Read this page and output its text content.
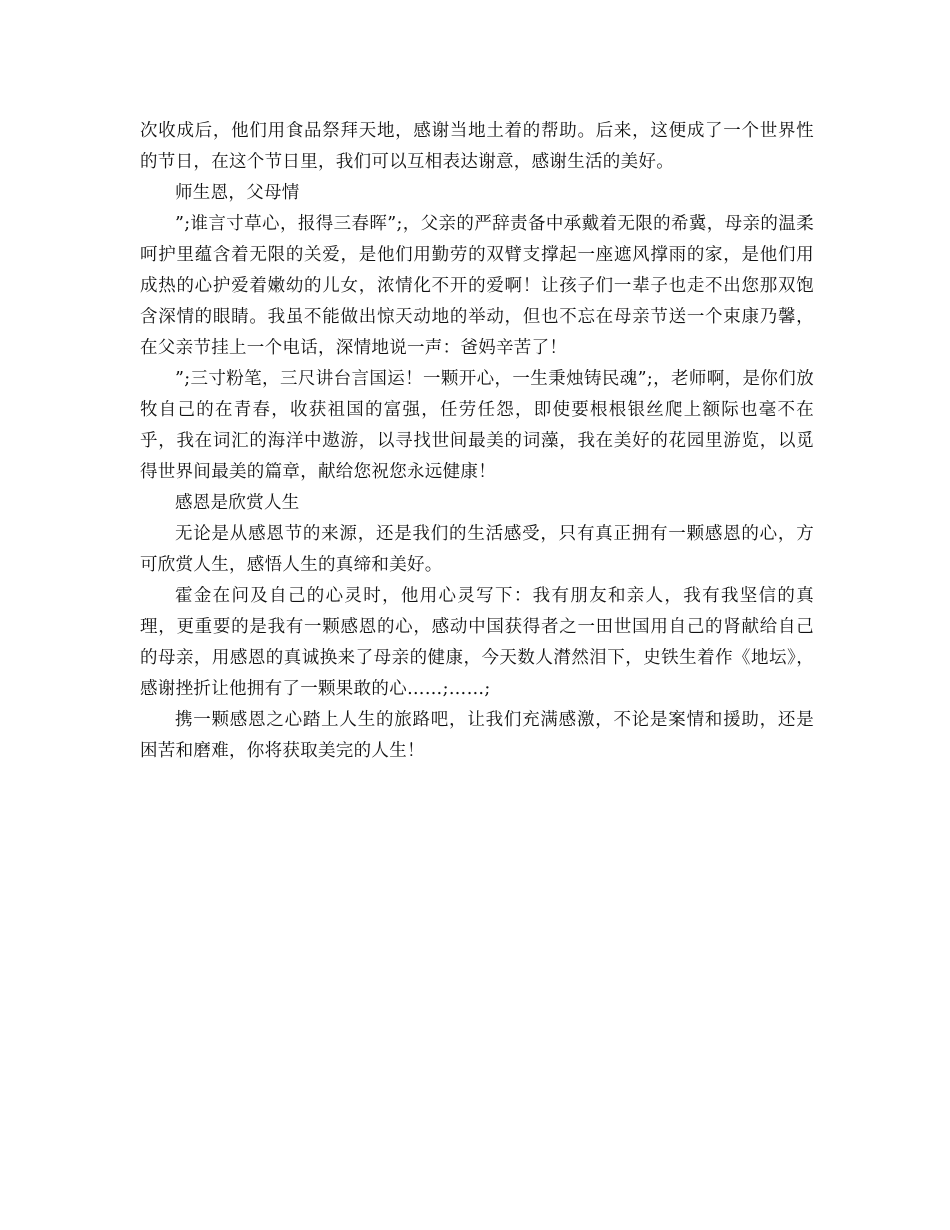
次收成后，他们用食品祭拜天地，感谢当地土着的帮助。后来，这便成了一个世界性的节日，在这个节日里，我们可以互相表达谢意，感谢生活的美好。

师生恩，父母情

”;谁言寸草心，报得三春晖”;，父亲的严辞责备中承戴着无限的希冀，母亲的温柔呵护里蕴含着无限的关爱，是他们用勤劳的双臂支撑起一座遮风撑雨的家，是他们用成热的心护爱着嫩幼的儿女，浓情化不开的爱啊！让孩子们一辈子也走不出您那双饱含深情的眼睛。我虽不能做出惊天动地的举动，但也不忘在母亲节送一个束康乃馨，在父亲节挂上一个电话，深情地说一声：爸妈辛苦了！

”;三寸粉笔，三尺讲台言国运！一颗开心，一生秉烛铸民魂”;，老师啊，是你们放牧自己的在青春，收获祖国的富强，任劳任怨，即使要根根银丝爬上额际也毫不在乎，我在词汇的海洋中遨游，以寻找世间最美的词藻，我在美好的花园里游览，以觅得世界间最美的篇章，献给您祝您永远健康！

感恩是欣赏人生

无论是从感恩节的来源，还是我们的生活感受，只有真正拥有一颗感恩的心，方可欣赏人生，感悟人生的真缔和美好。

霍金在问及自己的心灵时，他用心灵写下：我有朋友和亲人，我有我坚信的真理，更重要的是我有一颗感恩的心，感动中国获得者之一田世国用自己的肾献给自己的母亲，用感恩的真诚换来了母亲的健康，今天数人潸然泪下，史铁生着作《地坛》，感谢挫折让他拥有了一颗果敢的心……;……;

携一颗感恩之心踏上人生的旅路吧，让我们充满感激，不论是案情和援助，还是困苦和磨难，你将获取美完的人生！
